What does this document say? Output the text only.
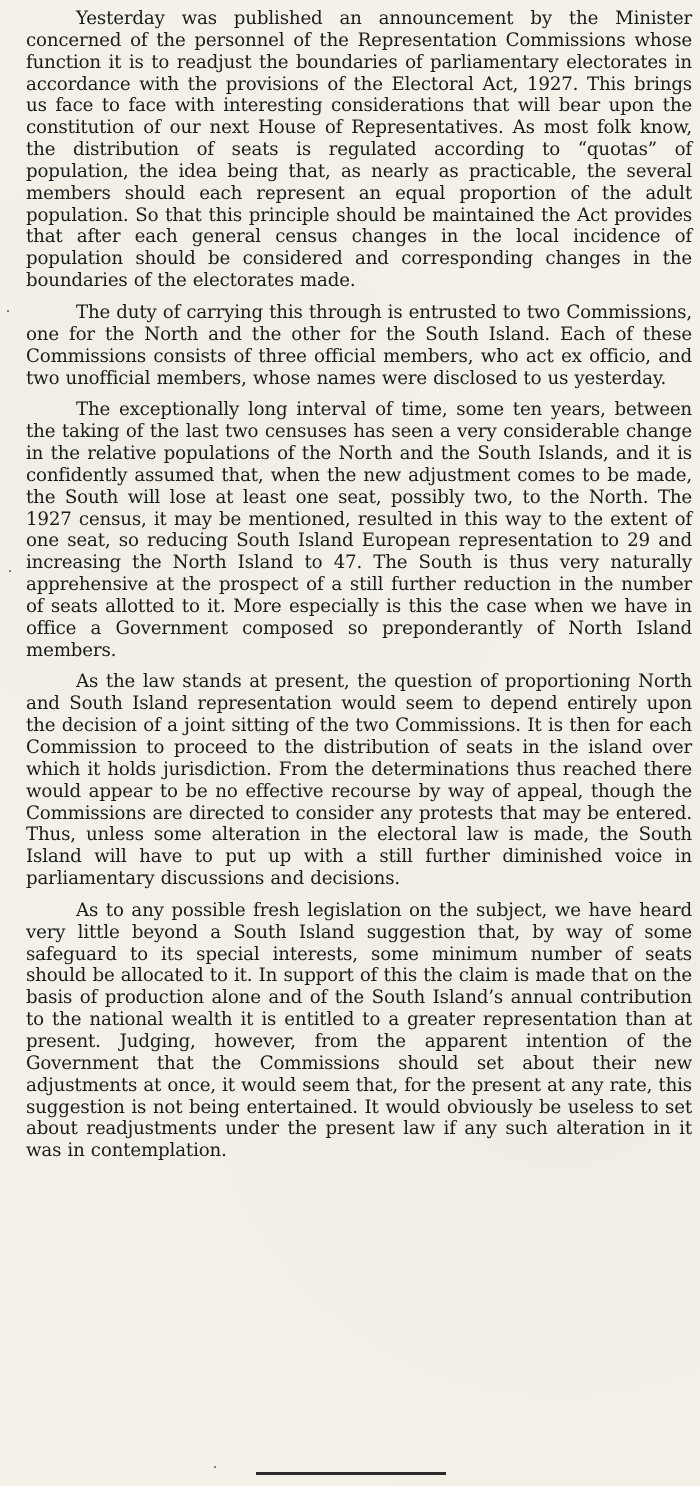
Yesterday was published an announcement by the Minister concerned of the personnel of the Representation Commissions whose function it is to readjust the boundaries of parliamentary electorates in accordance with the provisions of the Electoral Act, 1927. This brings us face to face with interesting considerations that will bear upon the constitution of our next House of Representatives. As most folk know, the distribution of seats is regulated according to “quotas” of population, the idea being that, as nearly as practicable, the several members should each represent an equal proportion of the adult population. So that this principle should be maintained the Act provides that after each general census changes in the local incidence of population should be considered and corresponding changes in the boundaries of the electorates made.

The duty of carrying this through is entrusted to two Commissions, one for the North and the other for the South Island. Each of these Commissions consists of three official members, who act ex officio, and two unofficial members, whose names were disclosed to us yesterday.

The exceptionally long interval of time, some ten years, between the taking of the last two censuses has seen a very considerable change in the relative populations of the North and the South Islands, and it is confidently assumed that, when the new adjustment comes to be made, the South will lose at least one seat, possibly two, to the North. The 1927 census, it may be mentioned, resulted in this way to the extent of one seat, so reducing South Island European representation to 29 and increasing the North Island to 47. The South is thus very naturally apprehensive at the prospect of a still further reduction in the number of seats allotted to it. More especially is this the case when we have in office a Government composed so preponderantly of North Island members.

As the law stands at present, the question of proportioning North and South Island representation would seem to depend entirely upon the decision of a joint sitting of the two Commissions. It is then for each Commission to proceed to the distribution of seats in the island over which it holds jurisdiction. From the determinations thus reached there would appear to be no effective recourse by way of appeal, though the Commissions are directed to consider any protests that may be entered. Thus, unless some alteration in the electoral law is made, the South Island will have to put up with a still further diminished voice in parliamentary discussions and decisions.

As to any possible fresh legislation on the subject, we have heard very little beyond a South Island suggestion that, by way of some safeguard to its special interests, some minimum number of seats should be allocated to it. In support of this the claim is made that on the basis of production alone and of the South Island’s annual contribution to the national wealth it is entitled to a greater representation than at present. Judging, however, from the apparent intention of the Government that the Commissions should set about their new adjustments at once, it would seem that, for the present at any rate, this suggestion is not being entertained. It would obviously be useless to set about readjustments under the present law if any such alteration in it was in contemplation.
